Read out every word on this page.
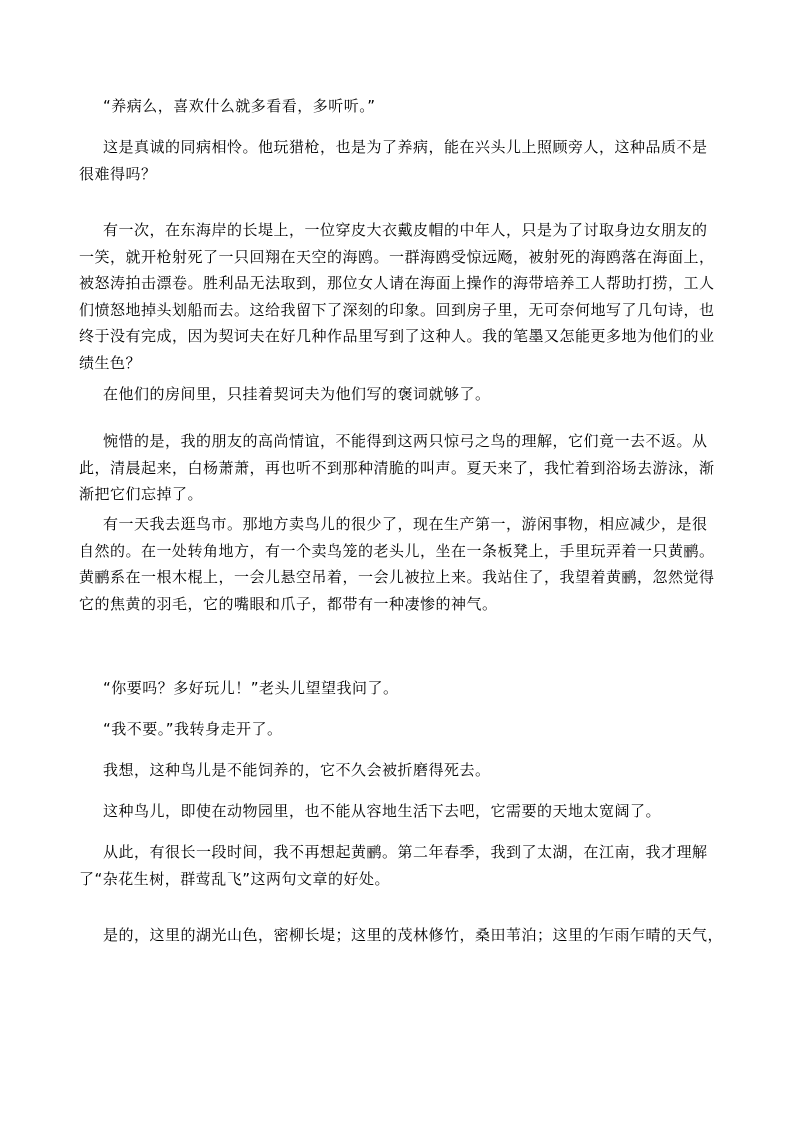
“养病么，喜欢什么就多看看，多听听。”
这是真诚的同病相怜。他玩猎枪，也是为了养病，能在兴头儿上照顾旁人，这种品质不是
很难得吗？
有一次，在东海岸的长堤上，一位穿皮大衣戴皮帽的中年人，只是为了讨取身边女朋友的
一笑，就开枪射死了一只回翔在天空的海鸥。一群海鸥受惊远飏，被射死的海鸥落在海面上，
被怒涛拍击漂卷。胜利品无法取到，那位女人请在海面上操作的海带培养工人帮助打捞，工人
们愤怒地掉头划船而去。这给我留下了深刻的印象。回到房子里，无可奈何地写了几句诗，也
终于没有完成，因为契诃夫在好几种作品里写到了这种人。我的笔墨又怎能更多地为他们的业
绩生色？
在他们的房间里，只挂着契诃夫为他们写的褒词就够了。
惋惜的是，我的朋友的高尚情谊，不能得到这两只惊弓之鸟的理解，它们竟一去不返。从
此，清晨起来，白杨萧萧，再也听不到那种清脆的叫声。夏天来了，我忙着到浴场去游泳，渐
渐把它们忘掉了。
有一天我去逛鸟市。那地方卖鸟儿的很少了，现在生产第一，游闲事物，相应减少，是很
自然的。在一处转角地方，有一个卖鸟笼的老头儿，坐在一条板凳上，手里玩弄着一只黄鹂。
黄鹂系在一根木棍上，一会儿悬空吊着，一会儿被拉上来。我站住了，我望着黄鹂，忽然觉得
它的焦黄的羽毛，它的嘴眼和爪子，都带有一种凄惨的神气。
“你要吗？多好玩儿！”老头儿望望我问了。
“我不要。”我转身走开了。
我想，这种鸟儿是不能饲养的，它不久会被折磨得死去。
这种鸟儿，即使在动物园里，也不能从容地生活下去吧，它需要的天地太宽阔了。
从此，有很长一段时间，我不再想起黄鹂。第二年春季，我到了太湖，在江南，我才理解
了“杂花生树，群莺乱飞”这两句文章的好处。
是的，这里的湖光山色，密柳长堤；这里的茂林修竹，桑田苇泊；这里的乍雨乍晴的天气，
